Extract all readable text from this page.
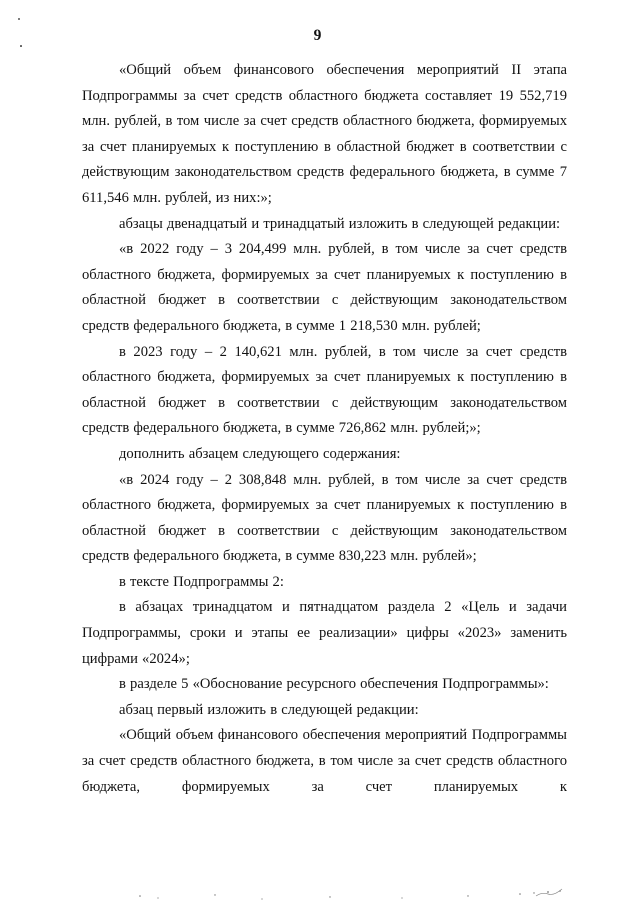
9

«Общий объем финансового обеспечения мероприятий II этапа Подпрограммы за счет средств областного бюджета составляет 19 552,719 млн. рублей, в том числе за счет средств областного бюджета, формируемых за счет планируемых к поступлению в областной бюджет в соответствии с действующим законодательством средств федерального бюджета, в сумме 7 611,546 млн. рублей, из них:»;

абзацы двенадцатый и тринадцатый изложить в следующей редакции:

«в 2022 году – 3 204,499 млн. рублей, в том числе за счет средств областного бюджета, формируемых за счет планируемых к поступлению в областной бюджет в соответствии с действующим законодательством средств федерального бюджета, в сумме 1 218,530 млн. рублей;

в 2023 году – 2 140,621 млн. рублей, в том числе за счет средств областного бюджета, формируемых за счет планируемых к поступлению в областной бюджет в соответствии с действующим законодательством средств федерального бюджета, в сумме 726,862 млн. рублей;»;

дополнить абзацем следующего содержания:

«в 2024 году – 2 308,848 млн. рублей, в том числе за счет средств областного бюджета, формируемых за счет планируемых к поступлению в областной бюджет в соответствии с действующим законодательством средств федерального бюджета, в сумме 830,223 млн. рублей»;

в тексте Подпрограммы 2:

в абзацах тринадцатом и пятнадцатом раздела 2 «Цель и задачи Подпрограммы, сроки и этапы ее реализации» цифры «2023» заменить цифрами «2024»;

в разделе 5 «Обоснование ресурсного обеспечения Подпрограммы»:

абзац первый изложить в следующей редакции:

«Общий объем финансового обеспечения мероприятий Подпрограммы за счет средств областного бюджета, в том числе за счет средств областного бюджета, формируемых за счет планируемых к
